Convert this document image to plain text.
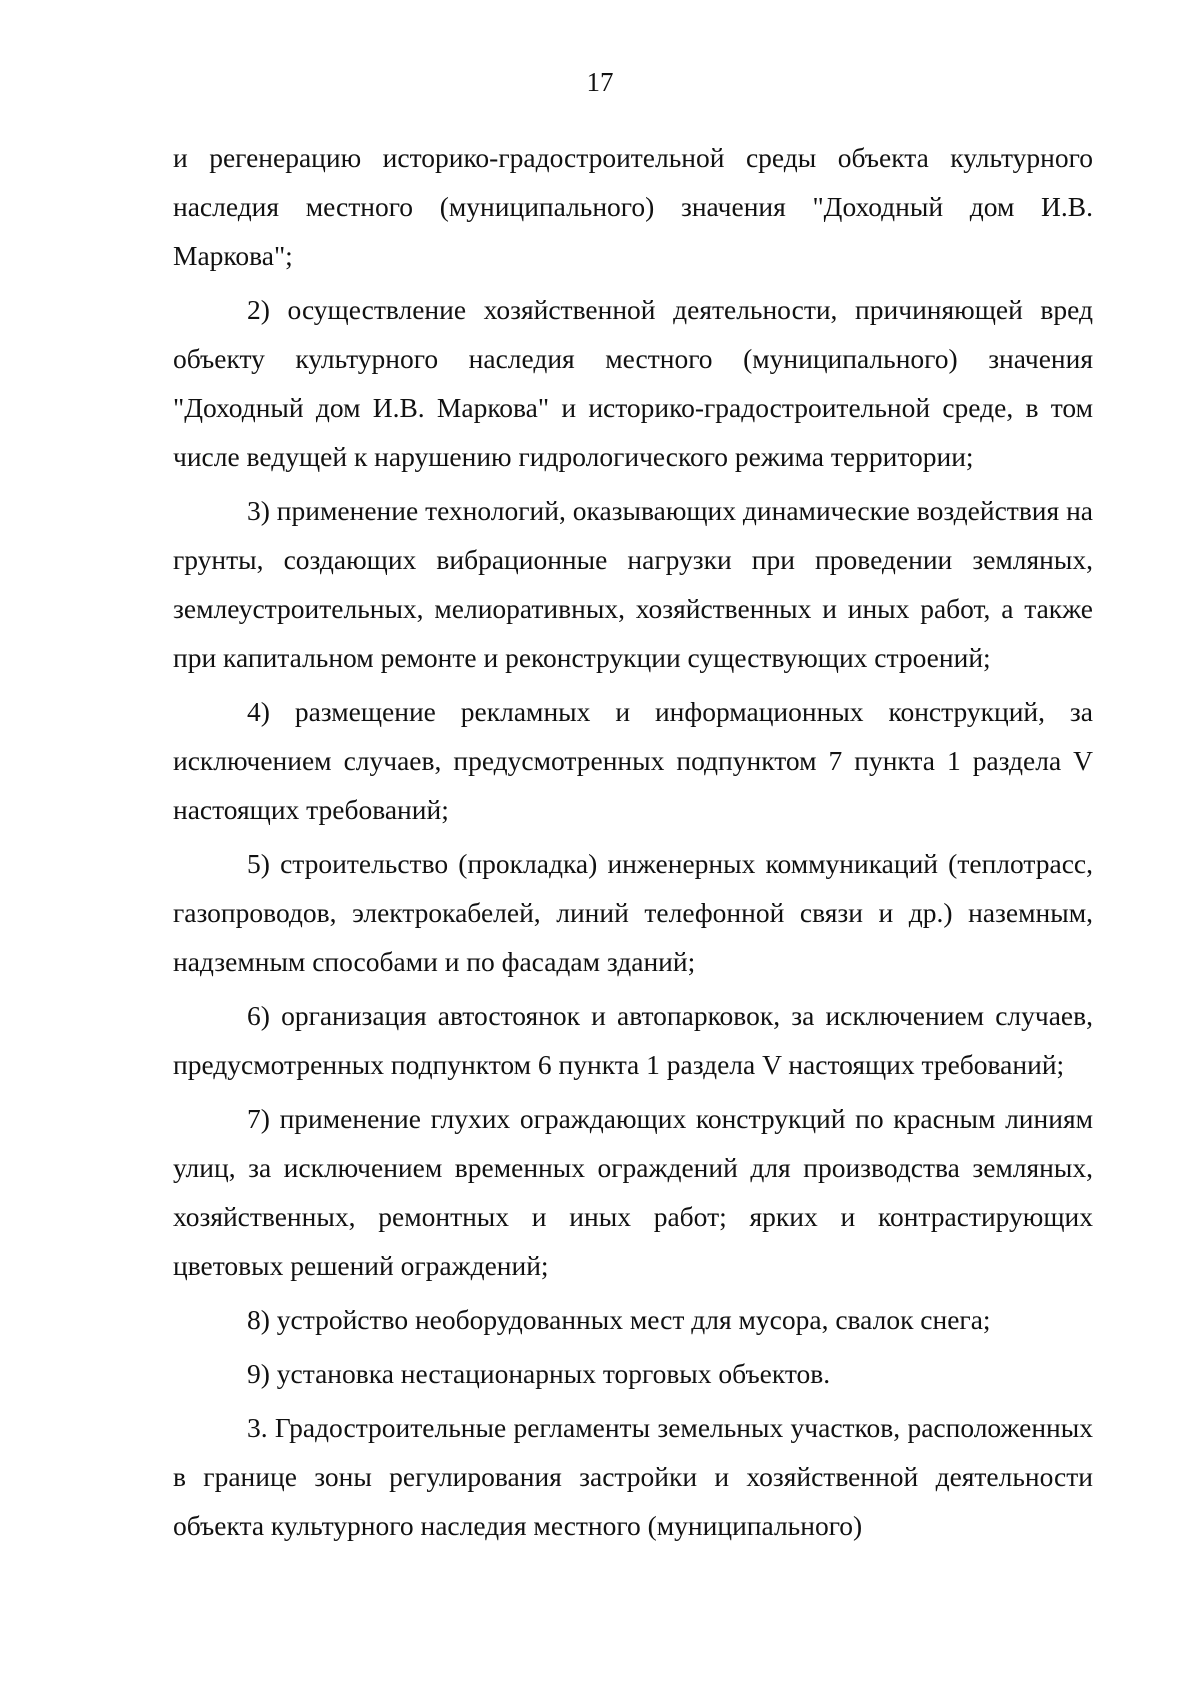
17

и регенерацию историко-градостроительной среды объекта культурного наследия местного (муниципального) значения "Доходный дом И.В. Маркова";

2) осуществление хозяйственной деятельности, причиняющей вред объекту культурного наследия местного (муниципального) значения "Доходный дом И.В. Маркова" и историко-градостроительной среде, в том числе ведущей к нарушению гидрологического режима территории;

3) применение технологий, оказывающих динамические воздействия на грунты, создающих вибрационные нагрузки при проведении земляных, землеустроительных, мелиоративных, хозяйственных и иных работ, а также при капитальном ремонте и реконструкции существующих строений;

4) размещение рекламных и информационных конструкций, за исключением случаев, предусмотренных подпунктом 7 пункта 1 раздела V настоящих требований;

5) строительство (прокладка) инженерных коммуникаций (теплотрасс, газопроводов, электрокабелей, линий телефонной связи и др.) наземным, надземным способами и по фасадам зданий;

6) организация автостоянок и автопарковок, за исключением случаев, предусмотренных подпунктом 6 пункта 1 раздела V настоящих требований;

7) применение глухих ограждающих конструкций по красным линиям улиц, за исключением временных ограждений для производства земляных, хозяйственных, ремонтных и иных работ; ярких и контрастирующих цветовых решений ограждений;

8) устройство необорудованных мест для мусора, свалок снега;

9) установка нестационарных торговых объектов.

3. Градостроительные регламенты земельных участков, расположенных в границе зоны регулирования застройки и хозяйственной деятельности объекта культурного наследия местного (муниципального)
